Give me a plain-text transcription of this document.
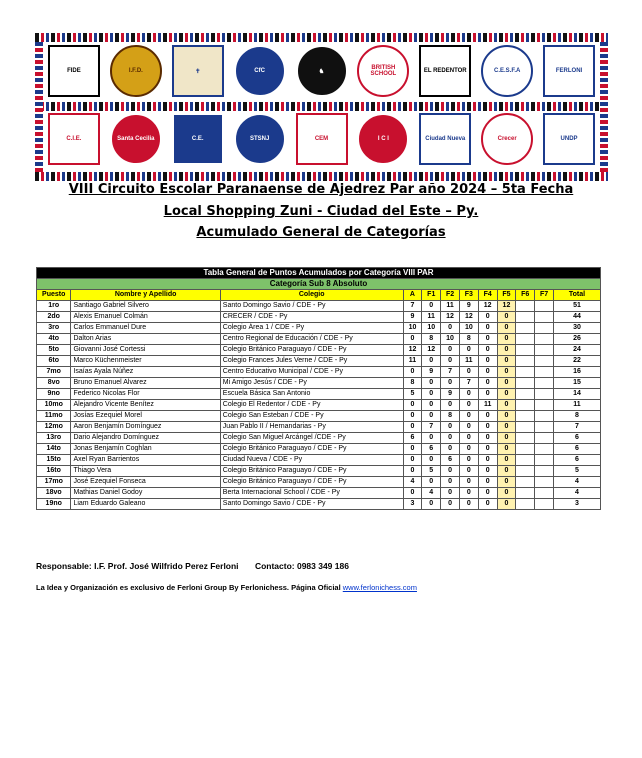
FIDE	I.F.D.	✝	CfC	♞
BRITISH SCHOOL	EL REDENTOR	C.E.S.F.A	FERLONI
C.I.E.	Santa Cecilia	C.E.	STSNJ	CEM	I C I	Ciudad Nueva	Crecer	UNDP
VIII Circuito Escolar Paranaense de Ajedrez Par año 2024 – 5ta Fecha
Local Shopping Zuni - Ciudad del Este – Py.
Acumulado General de Categorías
Tabla General de Puntos Acumulados por Categoría VIII PAR											
Categoría Sub 8 Absoluto											
Puesto	Nombre y Apellido	Colegio	A	F1	F2	F3	F4	F5	F6	F7	Total
1ro	Santiago Gabriel Silvero	Santo Domingo Savio / CDE - Py	7	0	11	9	12	12			51
2do	Alexis Emanuel Colmán	CRECER / CDE - Py	9	11	12	12	0	0			44
3ro	Carlos Emmanuel Dure	Colegio Área 1 / CDE - Py	10	10	0	10	0	0			30
4to	Dalton Arias	Centro Regional de Educación / CDE - Py	0	8	10	8	0	0			26
5to	Giovanni José Cortessi	Colegio Británico Paraguayo / CDE - Py	12	12	0	0	0	0			24
6to	Marco Küchenmeister	Colegio Frances Jules Verne / CDE - Py	11	0	0	11	0	0			22
7mo	Isaías Ayala Núñez	Centro Educativo Municipal / CDE - Py	0	9	7	0	0	0			16
8vo	Bruno Emanuel Alvarez	Mi Amigo Jesús / CDE - Py	8	0	0	7	0	0			15
9no	Federico Nicolas Flor	Escuela Básica San Antonio	5	0	9	0	0	0			14
10mo	Alejandro Vicente Benítez	Colegio El Redentor / CDE - Py	0	0	0	0	11	0			11
11mo	Josías Ezequiel Morel	Colegio San Esteban / CDE - Py	0	0	8	0	0	0			8
12mo	Aaron Benjamín Domínguez	Juan Pablo II / Hernandarias - Py	0	7	0	0	0	0			7
13ro	Dario Alejandro Domínguez	Colegio San Miguel Arcángel /CDE - Py	6	0	0	0	0	0			6
14to	Jonas Benjamín Coghlan	Colegio Británico Paraguayo / CDE - Py	0	6	0	0	0	0			6
15to	Axel Ryan Barrientos	Ciudad Nueva / CDE - Py	0	0	6	0	0	0			6
16to	Thiago Vera	Colegio Británico Paraguayo / CDE - Py	0	5	0	0	0	0			5
17mo	José Ezequiel Fonseca	Colegio Británico Paraguayo / CDE - Py	4	0	0	0	0	0			4
18vo	Mathias Daniel Godoy	Berta Internacional School / CDE - Py	0	4	0	0	0	0			4
19no	Liam Eduardo Galeano	Santo Domingo Savio / CDE - Py	3	0	0	0	0	0			3
Responsable: I.F. Prof. José Wilfrido Perez Ferloni Contacto: 0983 349 186
La Idea y Organización es exclusivo de Ferloni Group By Ferlonichess. Página Oficial www.ferlonichess.com
